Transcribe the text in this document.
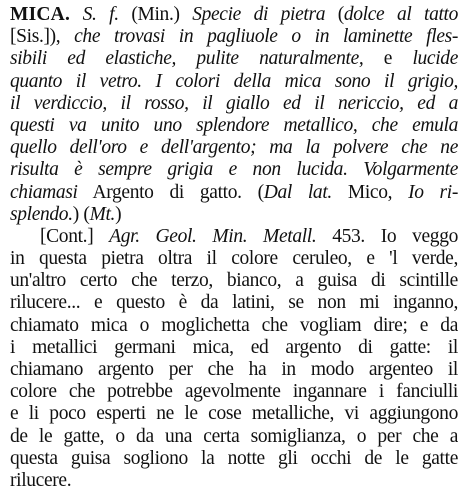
MICA. S. f. (Min.) Specie di pietra (dolce al tatto
[Sis.]), che trovasi in pagliuole o in laminette fles-
sibili ed elastiche, pulite naturalmente, e lucide
quanto il vetro. I colori della mica sono il grigio,
il verdiccio, il rosso, il giallo ed il nericcio, ed a
questi va unito uno splendore metallico, che emula
quello dell'oro e dell'argento; ma la polvere che ne
risulta è sempre grigia e non lucida. Volgarmente
chiamasi Argento di gatto. (Dal lat. Mico, Io ri-
splendo.) (Mt.)
[Cont.] Agr. Geol. Min. Metall. 453. Io veggo
in questa pietra oltra il colore ceruleo, e 'l verde,
un'altro certo che terzo, bianco, a guisa di scintille
rilucere... e questo è da latini, se non mi inganno,
chiamato mica o moglichetta che vogliam dire; e da
i metallici germani mica, ed argento di gatte: il
chiamano argento per che ha in modo argenteo il
colore che potrebbe agevolmente ingannare i fanciulli
e li poco esperti ne le cose metalliche, vi aggiungono
de le gatte, o da una certa somiglianza, o per che a
questa guisa sogliono la notte gli occhi de le gatte
rilucere.
